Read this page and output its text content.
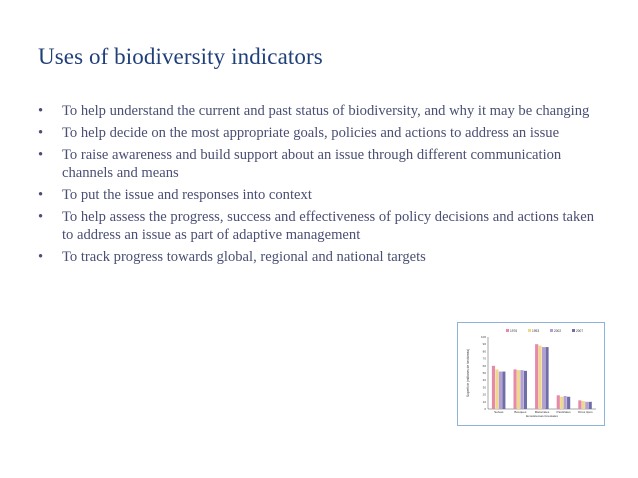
Uses of biodiversity indicators
• To help understand the current and past status of biodiversity, and why it may be changing
• To help decide on the most appropriate goals, policies and actions to address an issue
• To raise awareness and build support about an issue through different communication channels and means
• To put the issue and responses into context
• To help assess the progress, success and effectiveness of policy decisions and actions taken to address an issue as part of adaptive management
• To track progress towards global, regional and national targets
Superficie (millones de hectáreas)
0
10
20
30
40
50
60
70
80
90
100
1976	1993	2002	2007
Selvas	Bosques	Matorrales Pastizales Otros tipos
Ecosistemas forestales
